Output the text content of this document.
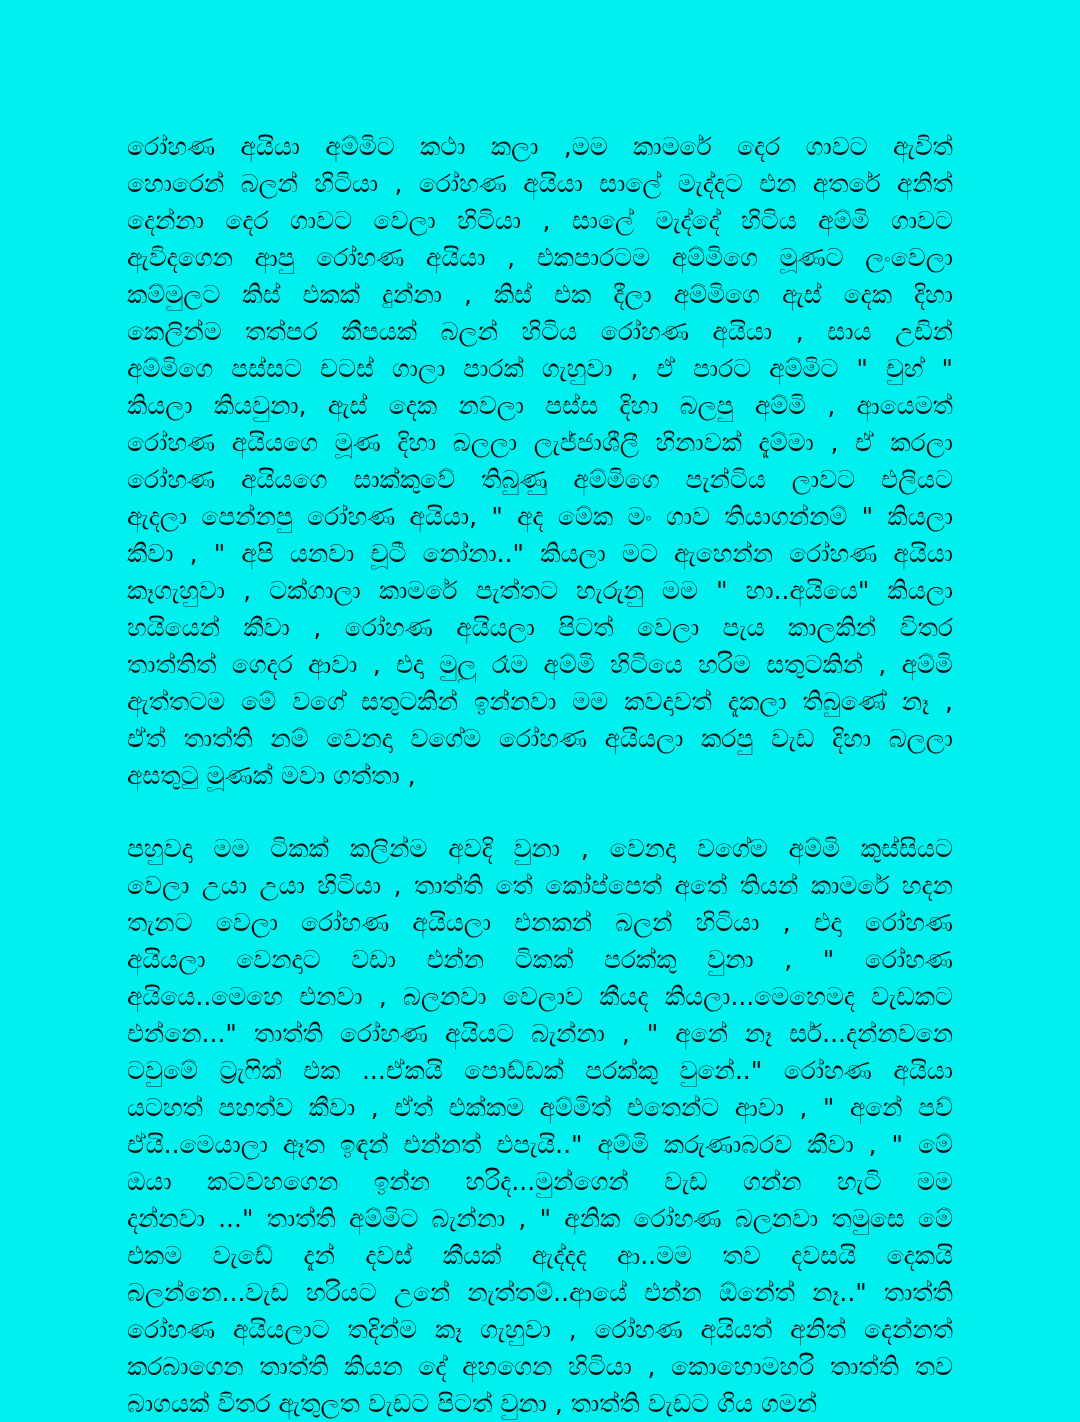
රෝහණ අයියා අම්මිට කථා කලා ,මම කාමරේ දෙර ගාවට ඇවිත්
හොරෙන් බලන් හිටියා , රෝහණ අයියා සාලේ මැද්දට එන අතරේ අනිත්
දෙන්නා දෙර ගාවට වෙලා හිටියා , සාලේ මැද්දේ හිටිය අම්මි ගාවට
ඇවිදගෙන ආපු රෝහණ අයියා , එකපාරටම අම්මිගෙ මූණට ලංවෙලා
කම්මුලට කිස් එකක් දුන්නා , කිස් එක දීලා අම්මිගෙ ඇස් දෙක දිහා
කෙලින්ම තත්පර කීපයක් බලන් හිටිය රෝහණ අයියා , සාය උඩින්
අම්මිගෙ පස්සට චටස් ගාලා පාරක් ගැහුවා , ඒ පාරට අම්මිට " චුහ් "
කියලා කියවුනා, ඇස් දෙක නවලා පස්ස දිහා බලපු අම්මි , ආයෙමත්
රෝහණ අයියගෙ මූණ දිහා බලලා ලැජ්ජාශීලී හිනාවක් දැම්මා , ඒ කරලා
රෝහණ අයියගෙ සාක්කුවේ තිබුණු අම්මිගෙ පැන්ටිය ලාවට එලියට
ඇදලා පෙන්නපු රෝහණ අයියා, " අද මේක මං ගාව තියාගන්නම් " කියලා
කීවා , " අපි යනවා චූටී නෝනා.." කියලා මට ඇහෙන්න රෝහණ අයියා
කෑගැහුවා , ටක්ගාලා කාමරේ පැත්තට හැරුනු මම " හා..අයියෙ" කියලා
හයියෙන් කීවා , රෝහණ අයියලා පිටත් වෙලා පැය කාලකින් විතර
තාත්තිත් ගෙදර ආවා , එදා මුලු රෑම අම්මි හිටියෙ හරිම සතුටකින් , අම්මි
ඇත්තටම මේ වගේ සතුටකින් ඉන්නවා මම කවදාවත් දැකලා තිබුණේ නෑ ,
ඒත් තාත්ති නම් වෙනදා වගේම රෝහණ අයියලා කරපු වැඩ දිහා බලලා
අසතුටු මූණක් මවා ගත්තා ,
පහුවදා මම ටිකක් කලින්ම අවදි වුනා , වෙනදා වගේම අම්මි කුස්සියට
වෙලා උයා උයා හිටියා , තාත්ති තේ කෝප්පෙත් අතේ තියන් කාමරේ හදන
තැනට වෙලා රෝහණ අයියලා එනකන් බලන් හිටියා , එදා රෝහණ
අයියලා වෙනදාට වඩා එන්න ටිකක් පරක්කු වුනා , " රෝහණ
අයියෙ..මෙහෙ එනවා , බලනවා වෙලාව කීයද කියලා...මෙහෙමද වැඩකට
එන්නෙ..." තාත්ති රෝහණ අයියට බැන්නා , " අනේ නෑ සර්...දන්නවනෙ
ටවුමේ ට්‍රැෆික් එක ...ඒකයි පොඩ්ඩක් පරක්කු වුනේ.." රෝහණ අයියා
යටහත් පහත්ව කීවා , ඒත් එක්කම අම්මිත් එතෙන්ට ආවා , " අනේ පව්
ඒයි..මෙයාලා ඈත ඉඳන් එන්නත් එපැයි.." අම්මි කරුණාබරව කීවා , " මේ
ඔයා කටවහගෙන ඉන්න හරිද...මුන්ගෙන් වැඩ ගන්න හැටි මම
දන්නවා ..." තාත්ති අම්මිට බැන්නා , " අනික රෝහණ බලනවා තමුසෙ මේ
එකම වැඩේ දැන් දවස් කීයක් ඇද්දද ආ..මම තව දවසයි දෙකයි
බලන්නෙ...වැඩ හරියට උනේ නැත්තම්..ආයේ එන්න ඕනේත් නෑ.." තාත්ති
රෝහණ අයියලාට තදින්ම කෑ ගැහුවා , රෝහණ අයියත් අනිත් දෙන්නත්
කරබාගෙන තාත්ති කියන දේ අහගෙන හිටියා , කොහොමහරි තාත්ති තව
බාගයක් විතර ඇතුලත වැඩට පිටත් වුනා , තාත්ති වැඩට ගිය ගමන්
